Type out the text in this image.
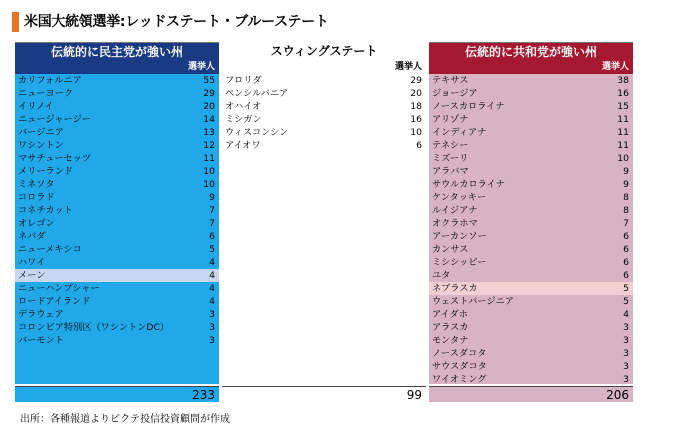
米国大統領選挙:レッドステート・ブルーステート
伝統的に民主党が強い州
選挙人
カリフォルニア	55
ニューヨーク	29
イリノイ	20
ニュージャージー	14
バージニア	13
ワシントン	12
マサチューセッツ	11
メリーランド	10
ミネソタ	10
コロラド	9
コネチカット	7
オレゴン	7
ネバダ	6
ニューメキシコ	5
ハワイ	4
メーン	4
ニューハンプシャー	4
ロードアイランド	4
デラウェア	3
コロンビア特別区（ワシントンDC）	3
バーモント	3
233
スウィングステート
選挙人
フロリダ	29
ペンシルバニア	20
オハイオ	18
ミシガン	16
ウィスコンシン	10
アイオワ	6
99
伝統的に共和党が強い州
選挙人
テキサス	38
ジョージア	16
ノースカロライナ	15
アリゾナ	11
インディアナ	11
テネシー	11
ミズーリ	10
アラバマ	9
サウルカロライナ	9
ケンタッキー	8
ルイジアナ	8
オクラホマ	7
アーカンソー	6
カンサス	6
ミシシッピー	6
ユタ	6
ネブラスカ	5
ウェストバージニア	5
アイダホ	4
アラスカ	3
モンタナ	3
ノースダコタ	3
サウスダコタ	3
ワイオミング	3
206
出所：各種報道よりピクテ投信投資顧問が作成
